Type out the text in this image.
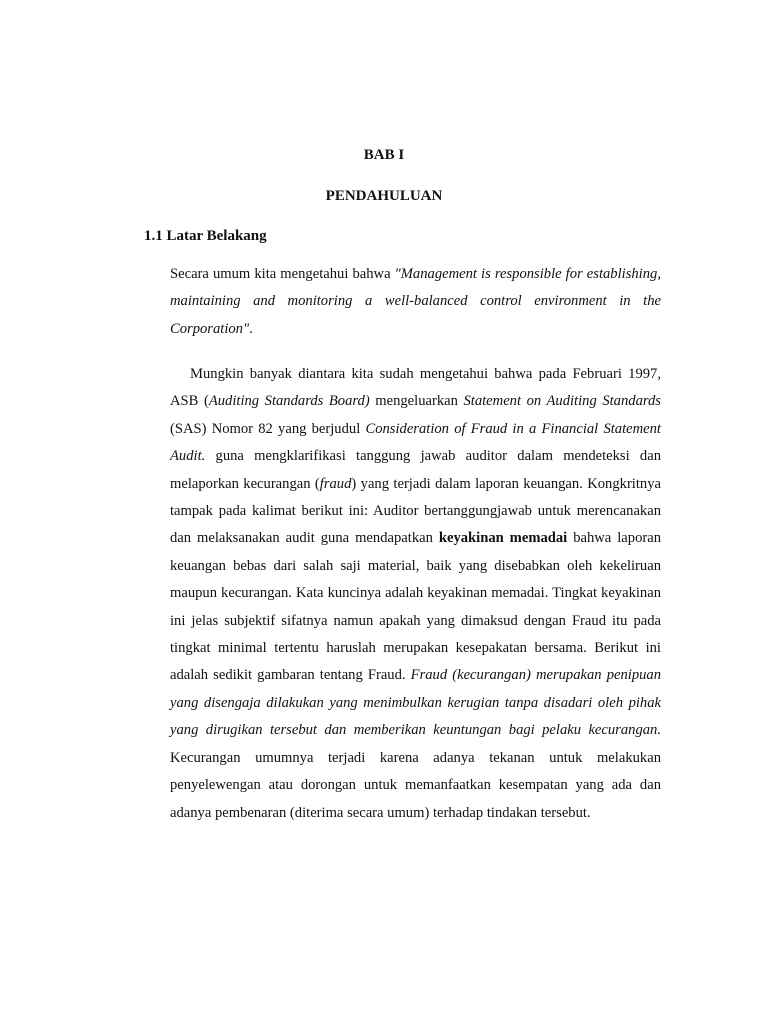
BAB I
PENDAHULUAN
1.1 Latar Belakang

Secara umum kita mengetahui bahwa "Management is responsible for establishing, maintaining and monitoring a well-balanced control environment in the Corporation".

Mungkin banyak diantara kita sudah mengetahui bahwa pada Februari 1997, ASB (Auditing Standards Board) mengeluarkan Statement on Auditing Standards (SAS) Nomor 82 yang berjudul Consideration of Fraud in a Financial Statement Audit. guna mengklarifikasi tanggung jawab auditor dalam mendeteksi dan melaporkan kecurangan (fraud) yang terjadi dalam laporan keuangan. Kongkritnya tampak pada kalimat berikut ini: Auditor bertanggungjawab untuk merencanakan dan melaksanakan audit guna mendapatkan keyakinan memadai bahwa laporan keuangan bebas dari salah saji material, baik yang disebabkan oleh kekeliruan maupun kecurangan. Kata kuncinya adalah keyakinan memadai. Tingkat keyakinan ini jelas subjektif sifatnya namun apakah yang dimaksud dengan Fraud itu pada tingkat minimal tertentu haruslah merupakan kesepakatan bersama. Berikut ini adalah sedikit gambaran tentang Fraud. Fraud (kecurangan) merupakan penipuan yang disengaja dilakukan yang menimbulkan kerugian tanpa disadari oleh pihak yang dirugikan tersebut dan memberikan keuntungan bagi pelaku kecurangan. Kecurangan umumnya terjadi karena adanya tekanan untuk melakukan penyelewengan atau dorongan untuk memanfaatkan kesempatan yang ada dan adanya pembenaran (diterima secara umum) terhadap tindakan tersebut.
